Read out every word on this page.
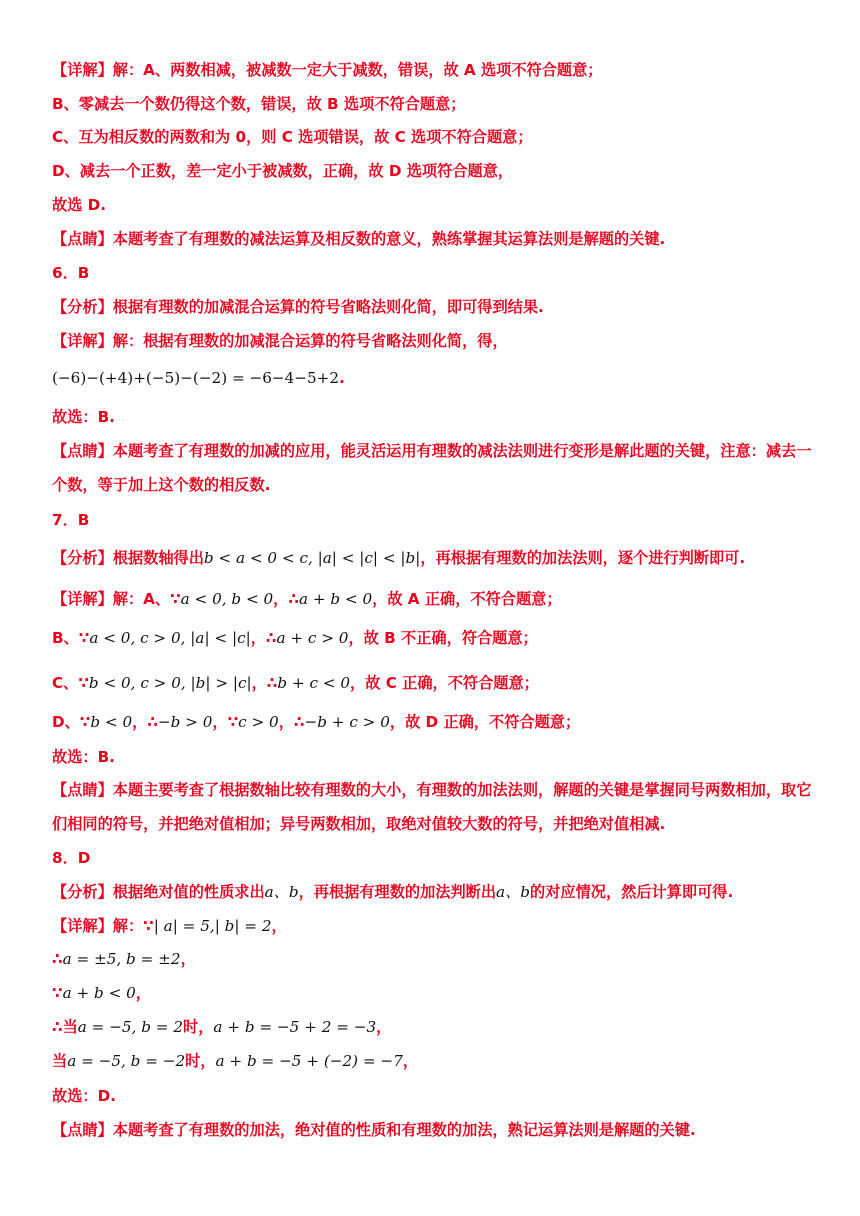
【详解】解：A、两数相减，被减数一定大于减数，错误，故 A 选项不符合题意；
B、零减去一个数仍得这个数，错误，故 B 选项不符合题意；
C、互为相反数的两数和为 0，则 C 选项错误，故 C 选项不符合题意；
D、减去一个正数，差一定小于被减数，正确，故 D 选项符合题意，
故选 D.
【点睛】本题考查了有理数的减法运算及相反数的意义，熟练掌握其运算法则是解题的关键.
6．B
【分析】根据有理数的加减混合运算的符号省略法则化简，即可得到结果.
【详解】解：根据有理数的加减混合运算的符号省略法则化简，得，
(−6)−(+4)+(−5)−(−2) = −6−4−5+2.
故选：B.
【点睛】本题考查了有理数的加减的应用，能灵活运用有理数的减法法则进行变形是解此题的关键，注意：减去一
个数，等于加上这个数的相反数.
7．B
【分析】根据数轴得出b < a < 0 < c, |a| < |c| < |b|，再根据有理数的加法法则，逐个进行判断即可.
【详解】解：A、∵a < 0, b < 0，∴a + b < 0，故 A 正确，不符合题意；
B、∵a < 0, c > 0, |a| < |c|，∴a + c > 0，故 B 不正确，符合题意；
C、∵b < 0, c > 0, |b| > |c|，∴b + c < 0，故 C 正确，不符合题意；
D、∵b < 0，∴−b > 0，∵c > 0，∴−b + c > 0，故 D 正确，不符合题意；
故选：B.
【点睛】本题主要考查了根据数轴比较有理数的大小，有理数的加法法则，解题的关键是掌握同号两数相加，取它
们相同的符号，并把绝对值相加；异号两数相加，取绝对值较大数的符号，并把绝对值相减.
8．D
【分析】根据绝对值的性质求出a、b，再根据有理数的加法判断出a、b的对应情况，然后计算即可得.
【详解】解：∵| a| = 5,| b| = 2，
∴a = ±5, b = ±2，
∵a + b < 0，
∴当a = −5, b = 2时，a + b = −5 + 2 = −3，
当a = −5, b = −2时，a + b = −5 + (−2) = −7，
故选：D.
【点睛】本题考查了有理数的加法，绝对值的性质和有理数的加法，熟记运算法则是解题的关键.
